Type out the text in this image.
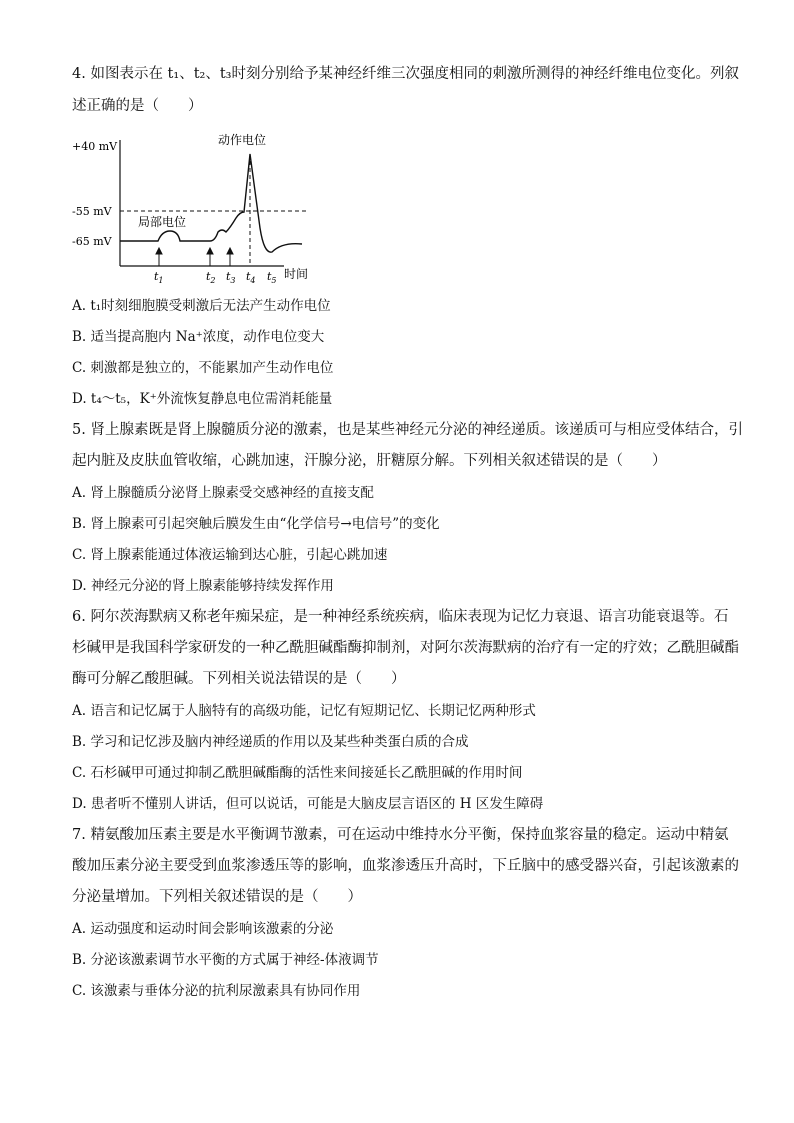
4. 如图表示在 t₁、t₂、t₃时刻分别给予某神经纤维三次强度相同的刺激所测得的神经纤维电位变化。列叙
述正确的是（　　）
+40 mV
-55 mV
-65 mV
动作电位
局部电位
$t_1$	$t_2$ $t_3$ $t_4$ $t_5$ 时间
A. t₁时刻细胞膜受刺激后无法产生动作电位
B. 适当提高胞内 Na⁺浓度，动作电位变大
C. 刺激都是独立的，不能累加产生动作电位
D. t₄～t₅，K⁺外流恢复静息电位需消耗能量
5. 肾上腺素既是肾上腺髓质分泌的激素，也是某些神经元分泌的神经递质。该递质可与相应受体结合，引
起内脏及皮肤血管收缩，心跳加速，汗腺分泌，肝糖原分解。下列相关叙述错误的是（　　）
A. 肾上腺髓质分泌肾上腺素受交感神经的直接支配
B. 肾上腺素可引起突触后膜发生由“化学信号→电信号”的变化
C. 肾上腺素能通过体液运输到达心脏，引起心跳加速
D. 神经元分泌的肾上腺素能够持续发挥作用
6. 阿尔茨海默病又称老年痴呆症，是一种神经系统疾病，临床表现为记忆力衰退、语言功能衰退等。石
杉碱甲是我国科学家研发的一种乙酰胆碱酯酶抑制剂，对阿尔茨海默病的治疗有一定的疗效；乙酰胆碱酯
酶可分解乙酸胆碱。下列相关说法错误的是（　　）
A. 语言和记忆属于人脑特有的高级功能，记忆有短期记忆、长期记忆两种形式
B. 学习和记忆涉及脑内神经递质的作用以及某些种类蛋白质的合成
C. 石杉碱甲可通过抑制乙酰胆碱酯酶的活性来间接延长乙酰胆碱的作用时间
D. 患者听不懂别人讲话，但可以说话，可能是大脑皮层言语区的 H 区发生障碍
7. 精氨酸加压素主要是水平衡调节激素，可在运动中维持水分平衡，保持血浆容量的稳定。运动中精氨
酸加压素分泌主要受到血浆渗透压等的影响，血浆渗透压升高时，下丘脑中的感受器兴奋，引起该激素的
分泌量增加。下列相关叙述错误的是（　　）
A. 运动强度和运动时间会影响该激素的分泌
B. 分泌该激素调节水平衡的方式属于神经-体液调节
C. 该激素与垂体分泌的抗利尿激素具有协同作用
